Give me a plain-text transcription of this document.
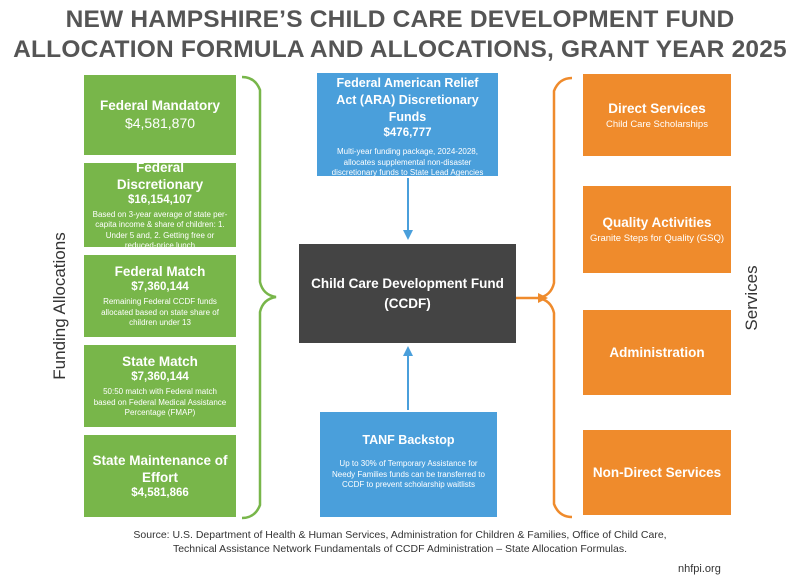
NEW HAMPSHIRE’S CHILD CARE DEVELOPMENT FUND
ALLOCATION FORMULA AND ALLOCATIONS, GRANT YEAR 2025
Funding Allocations	Services
Federal Mandatory
$4,581,870
Federal Discretionary
$16,154,107
Based on 3-year average of state per-capita income & share of children: 1. Under 5 and, 2. Getting free or reduced-price lunch
Federal Match
$7,360,144
Remaining Federal CCDF funds allocated based on state share of children under 13
State Match
$7,360,144
50:50 match with Federal match based on Federal Medical Assistance Percentage (FMAP)
State Maintenance of Effort
$4,581,866
Federal American Relief Act (ARA) Discretionary Funds
$476,777
Multi-year funding package, 2024-2028, allocates supplemental non-disaster discretionary funds to State Lead Agencies
Child Care Development Fund
(CCDF)
TANF Backstop
Up to 30% of Temporary Assistance for Needy Families funds can be transferred to CCDF to prevent scholarship waitlists
Direct Services
Child Care Scholarships
Quality Activities
Granite Steps for Quality (GSQ)
Administration
Non-Direct Services
Source: U.S. Department of Health & Human Services, Administration for Children & Families, Office of Child Care,
Technical Assistance Network Fundamentals of CCDF Administration – State Allocation Formulas.
nhfpi.org
